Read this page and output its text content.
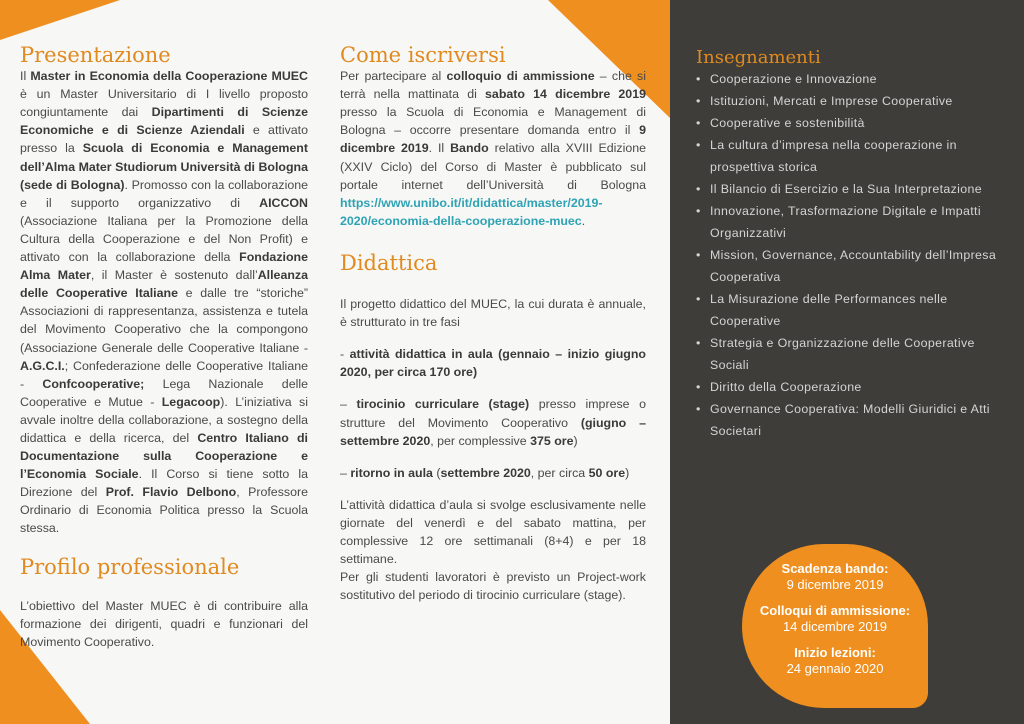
Presentazione

Il Master in Economia della Cooperazione MUEC è un Master Universitario di I livello proposto congiuntamente dai Dipartimenti di Scienze Economiche e di Scienze Aziendali e attivato presso la Scuola di Economia e Management dell’Alma Mater Studiorum Università di Bologna (sede di Bologna). Promosso con la collaborazione e il supporto organizzativo di AICCON (Associazione Italiana per la Promozione della Cultura della Cooperazione e del Non Profit) e attivato con la collaborazione della Fondazione Alma Mater, il Master è sostenuto dall’Alleanza delle Cooperative Italiane e dalle tre “storiche” Associazioni di rappresentanza, assistenza e tutela del Movimento Cooperativo che la compongono (Associazione Generale delle Cooperative Italiane - A.G.C.I.; Confederazione delle Cooperative Italiane - Confcooperative; Lega Nazionale delle Cooperative e Mutue - Legacoop). L’iniziativa si avvale inoltre della collaborazione, a sostegno della didattica e della ricerca, del Centro Italiano di Documentazione sulla Cooperazione e l’Economia Sociale. Il Corso si tiene sotto la Direzione del Prof. Flavio Delbono, Professore Ordinario di Economia Politica presso la Scuola stessa.

Profilo professionale

L’obiettivo del Master MUEC è di contribuire alla formazione dei dirigenti, quadri e funzionari del Movimento Cooperativo.

Come iscriversi

Per partecipare al colloquio di ammissione – che si terrà nella mattinata di sabato 14 dicembre 2019 presso la Scuola di Economia e Management di Bologna – occorre presentare domanda entro il 9 dicembre 2019. Il Bando relativo alla XVIII Edizione (XXIV Ciclo) del Corso di Master è pubblicato sul portale internet dell’Università di Bologna https://www.unibo.it/it/didattica/master/2019-2020/economia-della-cooperazione-muec.

Didattica

Il progetto didattico del MUEC, la cui durata è annuale, è strutturato in tre fasi

- attività didattica in aula (gennaio – inizio giugno 2020, per circa 170 ore)

– tirocinio curriculare (stage) presso imprese o strutture del Movimento Cooperativo (giugno – settembre 2020, per complessive 375 ore)

– ritorno in aula (settembre 2020, per circa 50 ore)

L’attività didattica d’aula si svolge esclusivamente nelle giornate del venerdì e del sabato mattina, per complessive 12 ore settimanali (8+4) e per 18 settimane.

Per gli studenti lavoratori è previsto un Project-work sostitutivo del periodo di tirocinio curriculare (stage).

Insegnamenti
• Cooperazione e Innovazione
• Istituzioni, Mercati e Imprese Cooperative
• Cooperative e sostenibilità
• La cultura d’impresa nella cooperazione in prospettiva storica
• Il Bilancio di Esercizio e la Sua Interpretazione
• Innovazione, Trasformazione Digitale e Impatti Organizzativi
• Mission, Governance, Accountability dell’Impresa Cooperativa
• La Misurazione delle Performances nelle Cooperative
• Strategia e Organizzazione delle Cooperative Sociali
• Diritto della Cooperazione
• Governance Cooperativa: Modelli Giuridici e Atti Societari
Scadenza bando:
9 dicembre 2019
Colloqui di ammissione:
14 dicembre 2019
Inizio lezioni:
24 gennaio 2020
